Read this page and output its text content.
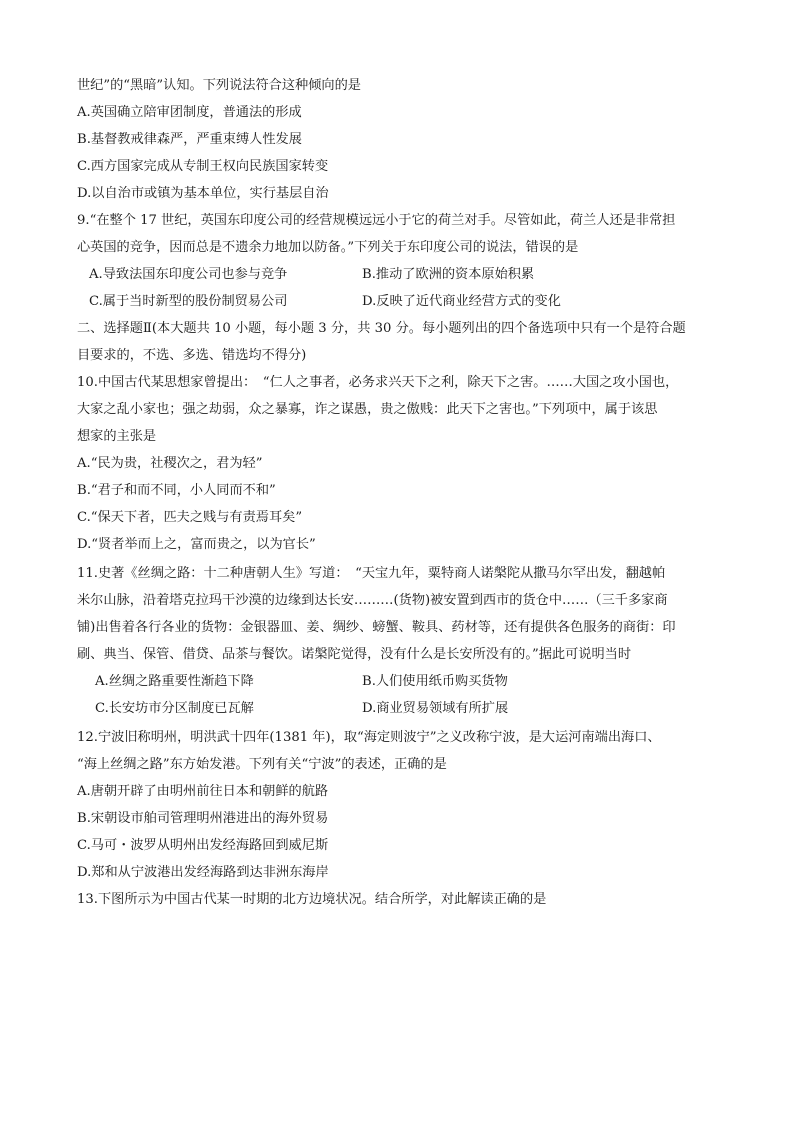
世纪”的“黑暗”认知。下列说法符合这种倾向的是
A.英国确立陪审团制度，普通法的形成
B.基督教戒律森严，严重束缚人性发展
C.西方国家完成从专制王权向民族国家转变
D.以自治市或镇为基本单位，实行基层自治
9.“在整个 17 世纪，英国东印度公司的经营规模远远小于它的荷兰对手。尽管如此，荷兰人还是非常担
心英国的竞争，因而总是不遗余力地加以防备。”下列关于东印度公司的说法，错误的是
A.导致法国东印度公司也参与竞争	B.推动了欧洲的资本原始积累
C.属于当时新型的股份制贸易公司	D.反映了近代商业经营方式的变化
二、选择题Ⅱ(本大题共 10 小题，每小题 3 分，共 30 分。每小题列出的四个备选项中只有一个是符合题
目要求的，不选、多选、错选均不得分)
10.中国古代某思想家曾提出：　“仁人之事者，必务求兴天下之利，除天下之害。……大国之攻小国也，
大家之乱小家也；强之劫弱，众之暴寡，诈之谋愚，贵之傲贱：此天下之害也。”下列项中，属于该思
想家的主张是
A.“民为贵，社稷次之，君为轻”
B.“君子和而不同，小人同而不和”
C.“保天下者，匹夫之贱与有责焉耳矣”
D.“贤者举而上之，富而贵之，以为官长”
11.史著《丝绸之路：十二种唐朝人生》写道：　“天宝九年，粟特商人诺槃陀从撒马尔罕出发，翻越帕
米尔山脉，沿着塔克拉玛干沙漠的边缘到达长安………(货物)被安置到西市的货仓中……（三千多家商
铺)出售着各行各业的货物：金银器皿、姜、绸纱、螃蟹、鞍具、药材等，还有提供各色服务的商街：印
刷、典当、保管、借贷、品茶与餐饮。诺槃陀觉得，没有什么是长安所没有的。”据此可说明当时
A.丝绸之路重要性渐趋下降	B.人们使用纸币购买货物
C.长安坊市分区制度已瓦解	D.商业贸易领域有所扩展
12.宁波旧称明州，明洪武十四年(1381 年)，取“海定则波宁”之义改称宁波，是大运河南端出海口、
“海上丝绸之路”东方始发港。下列有关“宁波”的表述，正确的是
A.唐朝开辟了由明州前往日本和朝鲜的航路
B.宋朝设市舶司管理明州港进出的海外贸易
C.马可・波罗从明州出发经海路回到威尼斯
D.郑和从宁波港出发经海路到达非洲东海岸
13.下图所示为中国古代某一时期的北方边境状况。结合所学，对此解读正确的是
